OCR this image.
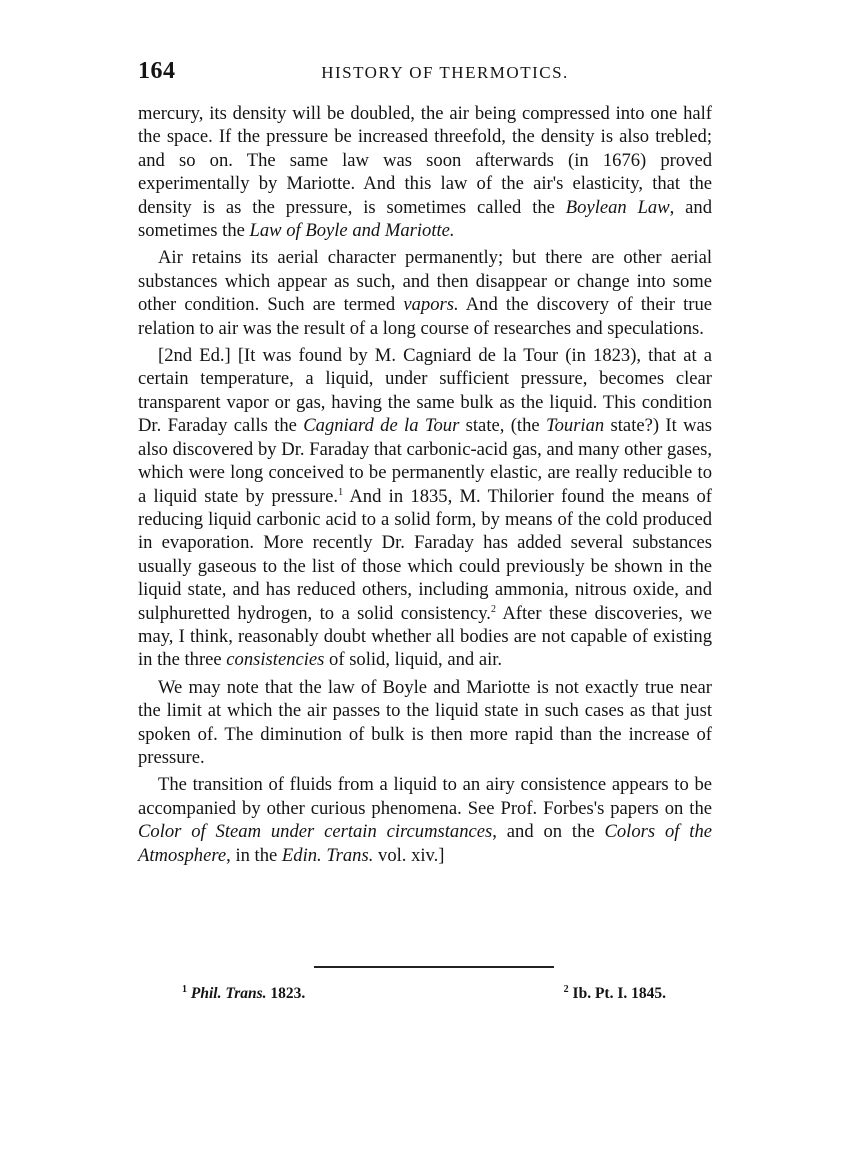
164	HISTORY OF THERMOTICS.

mercury, its density will be doubled, the air being compressed into one half the space. If the pressure be increased threefold, the density is also trebled; and so on. The same law was soon afterwards (in 1676) proved experimentally by Mariotte. And this law of the air's elasticity, that the density is as the pressure, is sometimes called the Boylean Law, and sometimes the Law of Boyle and Mariotte.

Air retains its aerial character permanently; but there are other aerial substances which appear as such, and then disappear or change into some other condition. Such are termed vapors. And the discovery of their true relation to air was the result of a long course of researches and speculations.

[2nd Ed.] [It was found by M. Cagniard de la Tour (in 1823), that at a certain temperature, a liquid, under sufficient pressure, becomes clear transparent vapor or gas, having the same bulk as the liquid. This condition Dr. Faraday calls the Cagniard de la Tour state, (the Tourian state?) It was also discovered by Dr. Faraday that carbonic-acid gas, and many other gases, which were long conceived to be permanently elastic, are really reducible to a liquid state by pressure.$^1$ And in 1835, M. Thilorier found the means of reducing liquid carbonic acid to a solid form, by means of the cold produced in evaporation. More recently Dr. Faraday has added several substances usually gaseous to the list of those which could previously be shown in the liquid state, and has reduced others, including ammonia, nitrous oxide, and sulphuretted hydrogen, to a solid consistency.$^2$ After these discoveries, we may, I think, reasonably doubt whether all bodies are not capable of existing in the three consistencies of solid, liquid, and air.

We may note that the law of Boyle and Mariotte is not exactly true near the limit at which the air passes to the liquid state in such cases as that just spoken of. The diminution of bulk is then more rapid than the increase of pressure.

The transition of fluids from a liquid to an airy consistence appears to be accompanied by other curious phenomena. See Prof. Forbes's papers on the Color of Steam under certain circumstances, and on the Colors of the Atmosphere, in the Edin. Trans. vol. xiv.]

$^1$ Phil. Trans. 1823.	$^2$ Ib. Pt. I. 1845.
